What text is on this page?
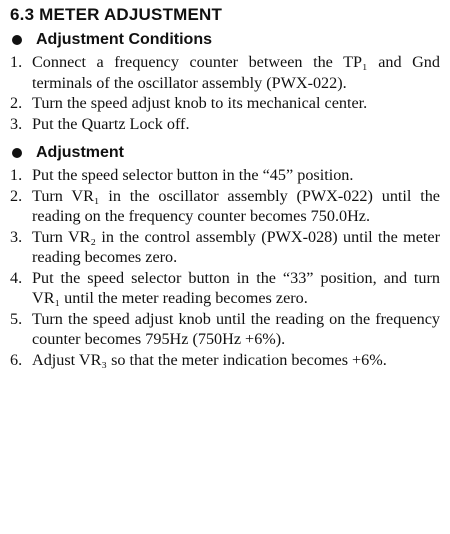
6.3 METER ADJUSTMENT
Adjustment Conditions
1. Connect a frequency counter between the TP₁ and Gnd terminals of the oscillator assembly (PWX-022).
2. Turn the speed adjust knob to its mechanical center.
3. Put the Quartz Lock off.
Adjustment
1. Put the speed selector button in the “45” position.
2. Turn VR₁ in the oscillator assembly (PWX-022) until the reading on the frequency counter becomes 750.0Hz.
3. Turn VR₂ in the control assembly (PWX-028) until the meter reading becomes zero.
4. Put the speed selector button in the “33” position, and turn VR₁ until the meter reading becomes zero.
5. Turn the speed adjust knob until the reading on the frequency counter becomes 795Hz (750Hz +6%).
6. Adjust VR₃ so that the meter indication becomes +6%.
